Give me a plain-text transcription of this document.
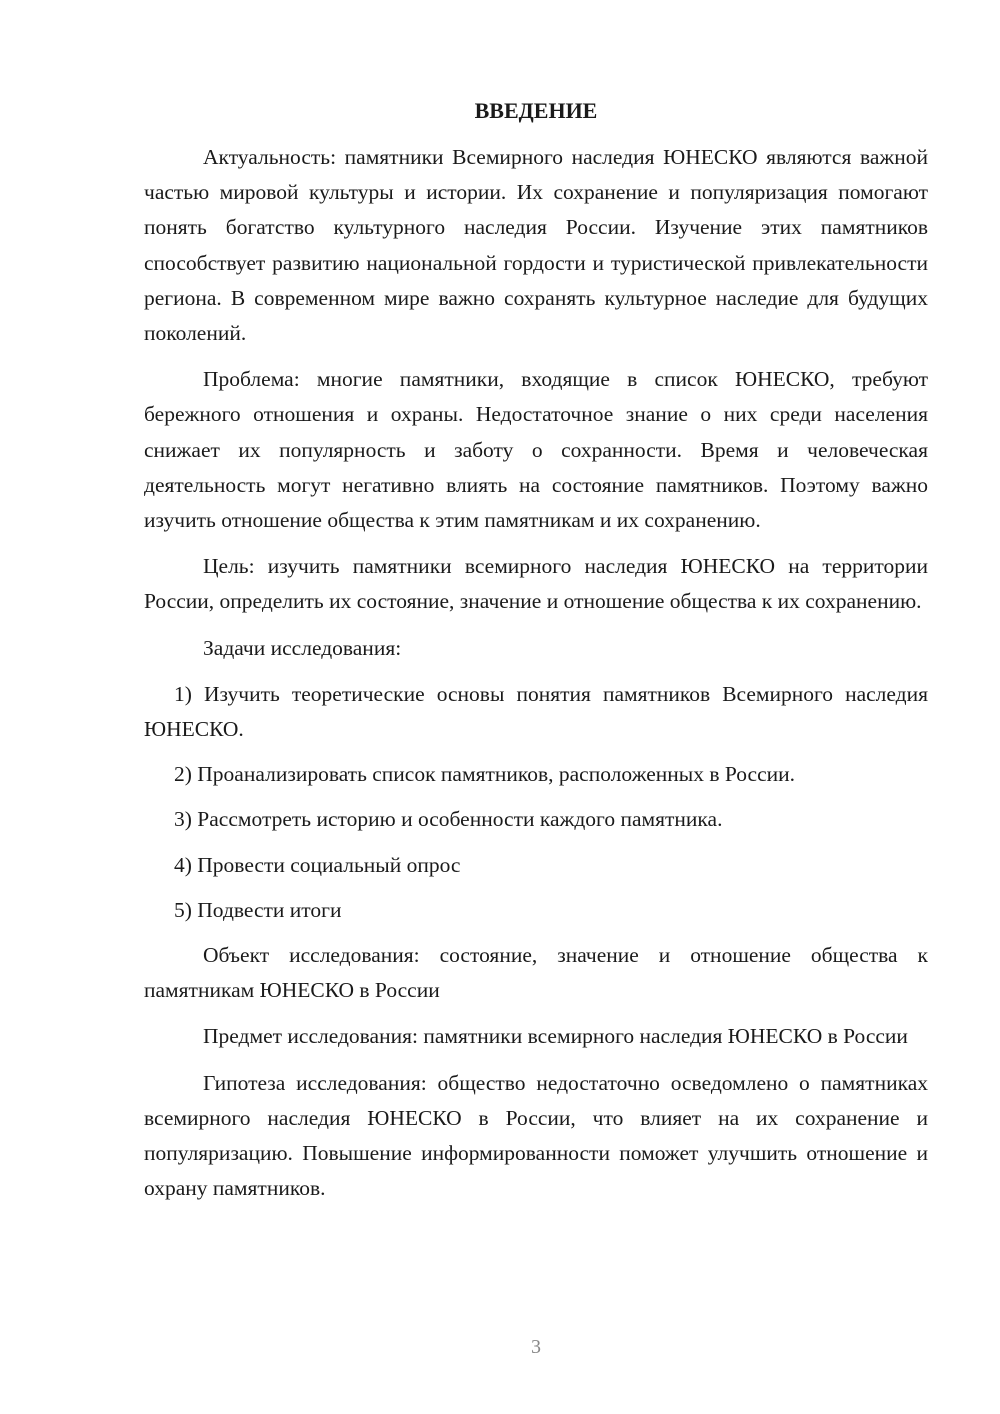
ВВЕДЕНИЕ

Актуальность: памятники Всемирного наследия ЮНЕСКО являются важной частью мировой культуры и истории. Их сохранение и популяризация помогают понять богатство культурного наследия России. Изучение этих памятников способствует развитию национальной гордости и туристической привлекательности региона. В современном мире важно сохранять культурное наследие для будущих поколений.

Проблема: многие памятники, входящие в список ЮНЕСКО, требуют бережного отношения и охраны. Недостаточное знание о них среди населения снижает их популярность и заботу о сохранности. Время и человеческая деятельность могут негативно влиять на состояние памятников. Поэтому важно изучить отношение общества к этим памятникам и их сохранению.

Цель: изучить памятники всемирного наследия ЮНЕСКО на территории России, определить их состояние, значение и отношение общества к их сохранению.

Задачи исследования:

1) Изучить теоретические основы понятия памятников Всемирного наследия ЮНЕСКО.

2) Проанализировать список памятников, расположенных в России.

3) Рассмотреть историю и особенности каждого памятника.

4) Провести социальный опрос

5) Подвести итоги

Объект исследования: состояние, значение и отношение общества к памятникам ЮНЕСКО в России

Предмет исследования: памятники всемирного наследия ЮНЕСКО в России

Гипотеза исследования: общество недостаточно осведомлено о памятниках всемирного наследия ЮНЕСКО в России, что влияет на их сохранение и популяризацию. Повышение информированности поможет улучшить отношение и охрану памятников.

3
